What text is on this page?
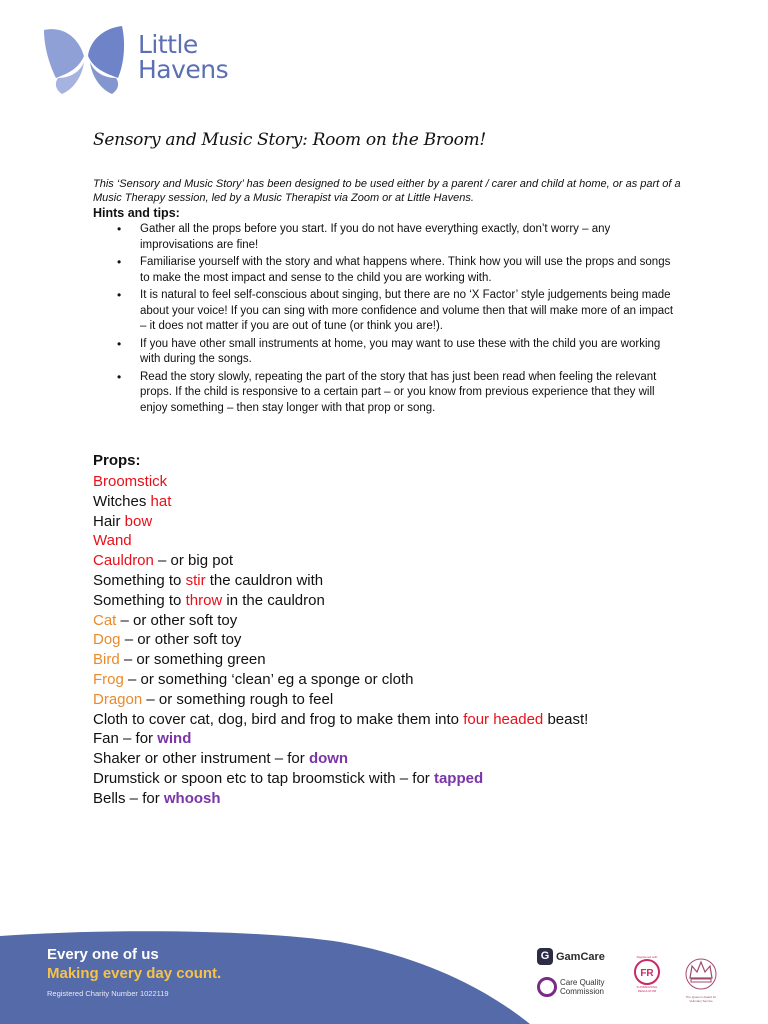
Little
Havens
Sensory and Music Story: Room on the Broom!
This ‘Sensory and Music Story’ has been designed to be used either by a parent / carer and child at home, or as part of a Music Therapy session, led by a Music Therapist via Zoom or at Little Havens.
Hints and tips:
• Gather all the props before you start. If you do not have everything exactly, don’t worry – any improvisations are fine!
• Familiarise yourself with the story and what happens where. Think how you will use the props and songs to make the most impact and sense to the child you are working with.
• It is natural to feel self-conscious about singing, but there are no ‘X Factor’ style judgements being made about your voice! If you can sing with more confidence and volume then that will make more of an impact – it does not matter if you are out of tune (or think you are!).
• If you have other small instruments at home, you may want to use these with the child you are working with during the songs.
• Read the story slowly, repeating the part of the story that has just been read when feeling the relevant props. If the child is responsive to a certain part – or you know from previous experience that they will enjoy something – then stay longer with that prop or song.
Props:
Broomstick
Witches hat
Hair bow
Wand
Cauldron – or big pot
Something to stir the cauldron with
Something to throw in the cauldron
Cat – or other soft toy
Dog – or other soft toy
Bird – or something green
Frog – or something ‘clean’ eg a sponge or cloth
Dragon – or something rough to feel
Cloth to cover cat, dog, bird and frog to make them into four headed beast!
Fan – for wind
Shaker or other instrument – for down
Drumstick or spoon etc to tap broomstick with – for tapped
Bells – for whoosh
Every one of us
Making every day count.
Registered Charity Number 1022119
G GamCare
Care Quality
Commission
Registered with
FR
FUNDRAISING REGULATOR
The Queen’s Award for Voluntary Service
